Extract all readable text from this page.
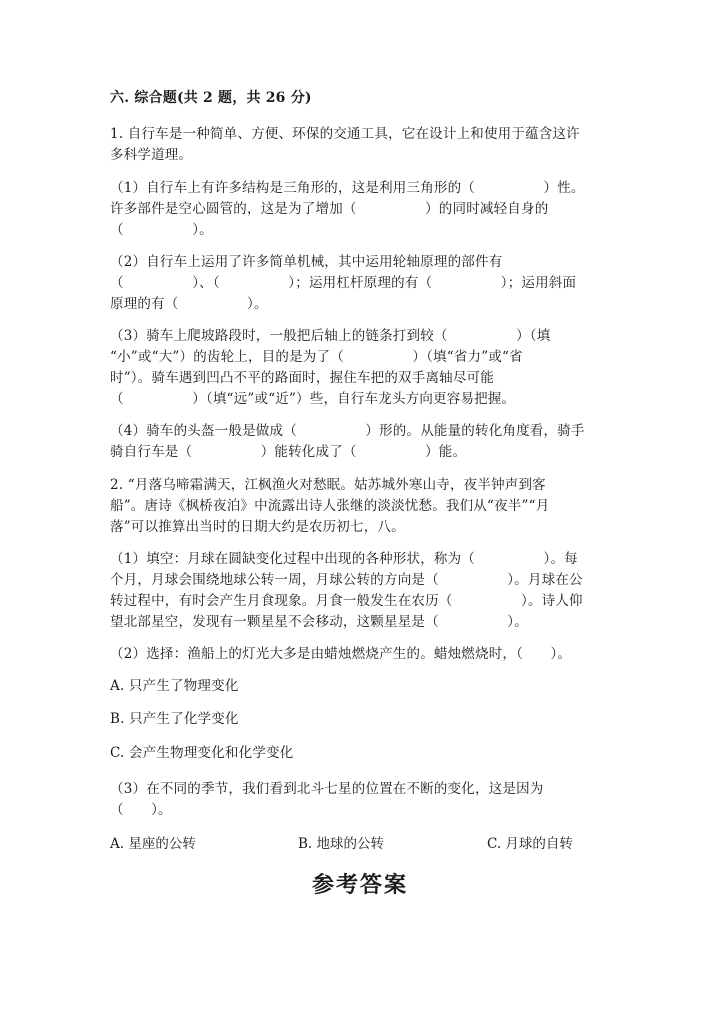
六. 综合题(共 2 题，共 26 分)
1. 自行车是一种简单、方便、环保的交通工具，它在设计上和使用于蕴含这许
多科学道理。
（1）自行车上有许多结构是三角形的，这是利用三角形的（　　　　　）性。
许多部件是空心圆管的，这是为了增加（　　　　　）的同时减轻自身的
（　　　　　）。
（2）自行车上运用了许多简单机械，其中运用轮轴原理的部件有
（　　　　　）、（　　　　　）；运用杠杆原理的有（　　　　　）；运用斜面
原理的有（　　　　　）。
（3）骑车上爬坡路段时，一般把后轴上的链条打到较（　　　　　）（填
“小”或“大”）的齿轮上，目的是为了（　　　　　）（填“省力”或“省
时”）。骑车遇到凹凸不平的路面时，握住车把的双手离轴尽可能
（　　　　　）（填“远”或“近”）些，自行车龙头方向更容易把握。
（4）骑车的头盔一般是做成（　　　　　）形的。从能量的转化角度看，骑手
骑自行车是（　　　　　）能转化成了（　　　　　）能。
2. “月落乌啼霜满天，江枫渔火对愁眠。姑苏城外寒山寺，夜半钟声到客
船”。唐诗《枫桥夜泊》中流露出诗人张继的淡淡忧愁。我们从“夜半”“月
落”可以推算出当时的日期大约是农历初七，八。
（1）填空：月球在圆缺变化过程中出现的各种形状，称为（　　　　　）。每
个月，月球会围绕地球公转一周，月球公转的方向是（　　　　　）。月球在公
转过程中，有时会产生月食现象。月食一般发生在农历（　　　　　）。诗人仰
望北部星空，发现有一颗星星不会移动，这颗星星是（　　　　　）。
（2）选择：渔船上的灯光大多是由蜡烛燃烧产生的。蜡烛燃烧时，（　　）。
A. 只产生了物理变化
B. 只产生了化学变化
C. 会产生物理变化和化学变化
（3）在不同的季节，我们看到北斗七星的位置在不断的变化，这是因为
（　　）。
A. 星座的公转	B. 地球的公转	C. 月球的自转
参考答案
